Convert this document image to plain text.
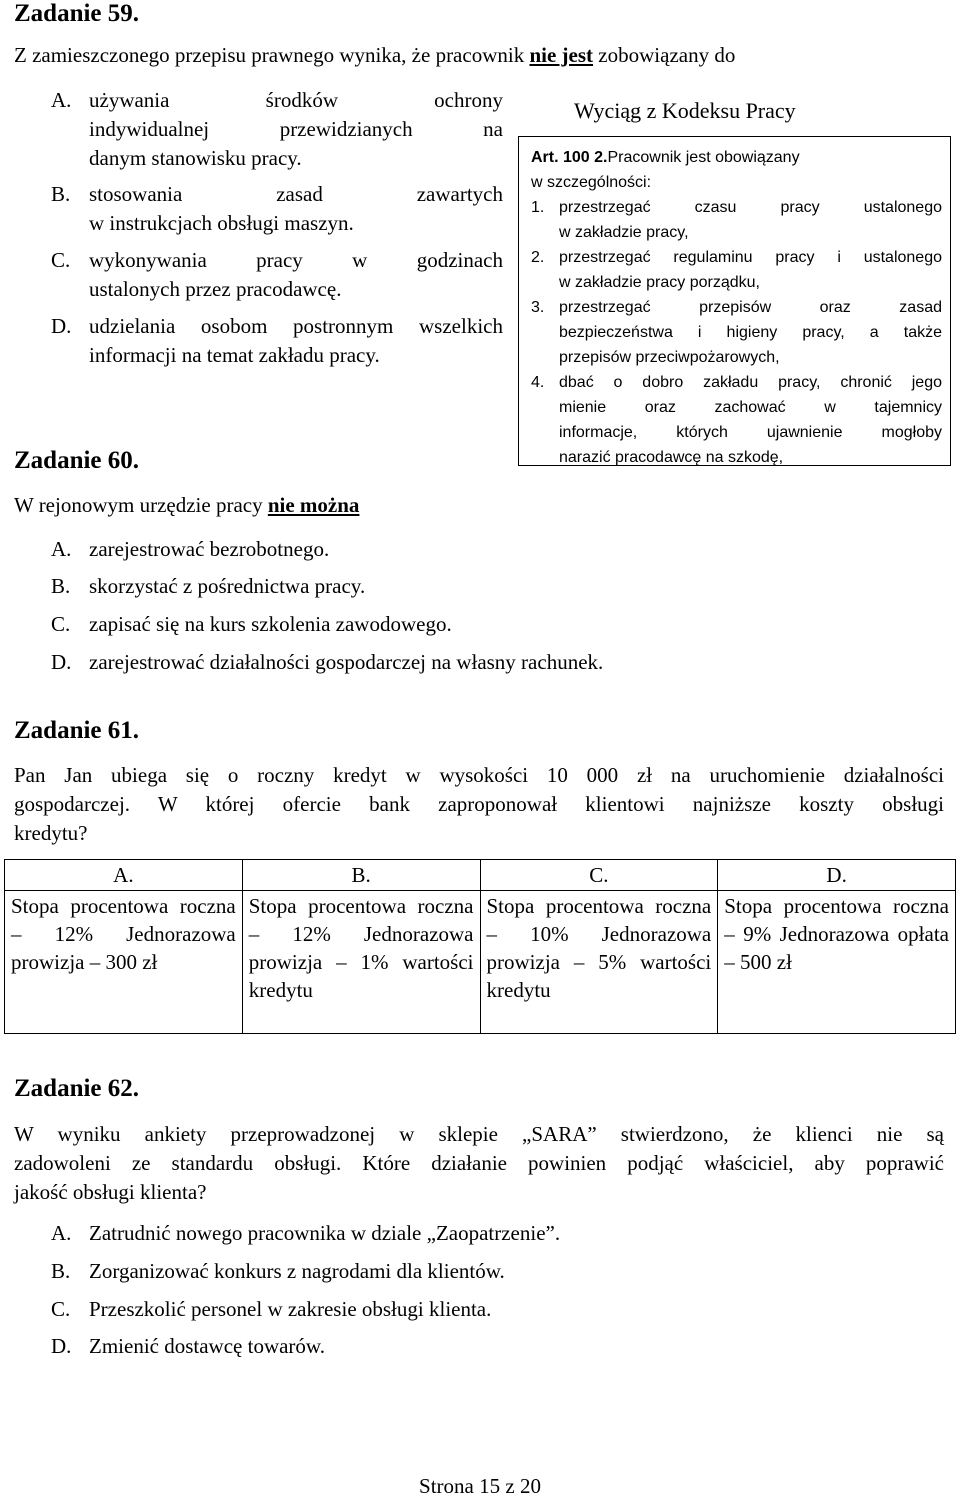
Zadanie 59.
Z zamieszczonego przepisu prawnego wynika, że pracownik nie jest zobowiązany do
A. używania środków ochrony
indywidualnej przewidzianych na
danym stanowisku pracy.
B. stosowania zasad zawartych
w instrukcjach obsługi maszyn.
C. wykonywania pracy w godzinach
ustalonych przez pracodawcę.
D. udzielania osobom postronnym wszelkich
informacji na temat zakładu pracy.
Wyciąg z Kodeksu Pracy
Art. 100 2.Pracownik jest obowiązany
w szczególności:
1. przestrzegać czasu pracy ustalonego
w zakładzie pracy,
2. przestrzegać regulaminu pracy i ustalonego
w zakładzie pracy porządku,
3. przestrzegać przepisów oraz zasad
bezpieczeństwa i higieny pracy, a także
przepisów przeciwpożarowych,
4. dbać o dobro zakładu pracy, chronić jego
mienie oraz zachować w tajemnicy
informacje, których ujawnienie mogłoby
narazić pracodawcę na szkodę,
Zadanie 60.
W rejonowym urzędzie pracy nie można
A. zarejestrować bezrobotnego.
B. skorzystać z pośrednictwa pracy.
C. zapisać się na kurs szkolenia zawodowego.
D. zarejestrować działalności gospodarczej na własny rachunek.
Zadanie 61.
Pan Jan ubiega się o roczny kredyt w wysokości 10 000 zł na uruchomienie działalności
gospodarczej. W której ofercie bank zaproponował klientowi najniższe koszty obsługi
kredytu?
A.	B.	C.	D.
Stopa procentowa roczna – 12% Jednorazowa prowizja – 300 zł	Stopa procentowa roczna – 12% Jednorazowa prowizja – 1% wartości kredytu	Stopa procentowa roczna – 10% Jednorazowa prowizja – 5% wartości kredytu	Stopa procentowa roczna – 9% Jednorazowa opłata – 500 zł
Zadanie 62.
W wyniku ankiety przeprowadzonej w sklepie „SARA” stwierdzono, że klienci nie są
zadowoleni ze standardu obsługi. Które działanie powinien podjąć właściciel, aby poprawić
jakość obsługi klienta?
A. Zatrudnić nowego pracownika w dziale „Zaopatrzenie”.
B. Zorganizować konkurs z nagrodami dla klientów.
C. Przeszkolić personel w zakresie obsługi klienta.
D. Zmienić dostawcę towarów.
Strona 15 z 20
